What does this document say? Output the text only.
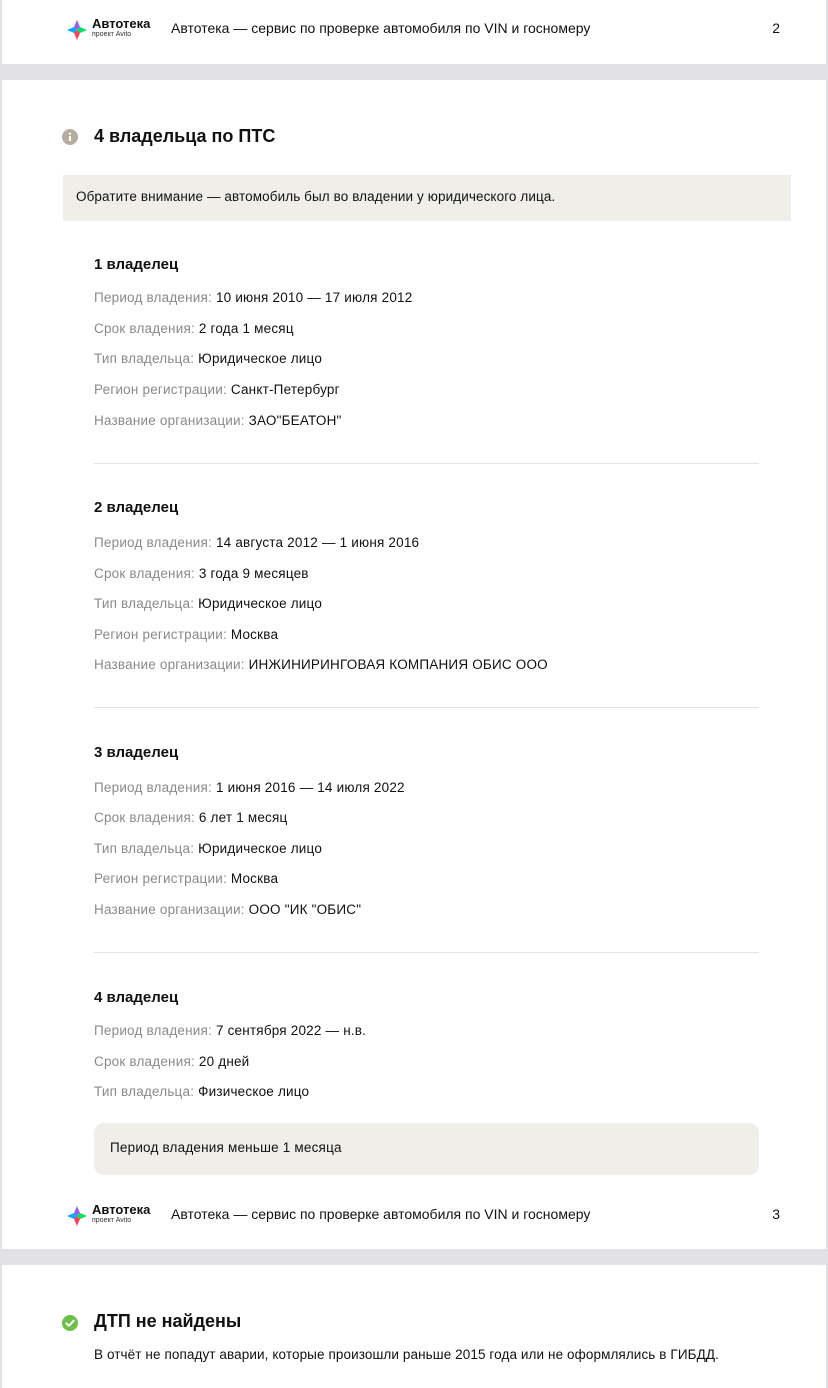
Автотека
проект Avito	Автотека — сервис по проверке автомобиля по VIN и госномеру	2
4 владельца по ПТС
Обратите внимание — автомобиль был во владении у юридического лица.
1 владелец
Период владения: 10 июня 2010 — 17 июля 2012
Срок владения: 2 года 1 месяц
Тип владельца: Юридическое лицо
Регион регистрации: Санкт-Петербург
Название организации: ЗАО"БЕАТОН"
2 владелец
Период владения: 14 августа 2012 — 1 июня 2016
Срок владения: 3 года 9 месяцев
Тип владельца: Юридическое лицо
Регион регистрации: Москва
Название организации: ИНЖИНИРИНГОВАЯ КОМПАНИЯ ОБИС ООО
3 владелец
Период владения: 1 июня 2016 — 14 июля 2022
Срок владения: 6 лет 1 месяц
Тип владельца: Юридическое лицо
Регион регистрации: Москва
Название организации: ООО "ИК "ОБИС"
4 владелец
Период владения: 7 сентября 2022 — н.в.
Срок владения: 20 дней
Тип владельца: Физическое лицо
Период владения меньше 1 месяца
Автотека
проект Avito	Автотека — сервис по проверке автомобиля по VIN и госномеру	3
ДТП не найдены
В отчёт не попадут аварии, которые произошли раньше 2015 года или не оформлялись в ГИБДД.
